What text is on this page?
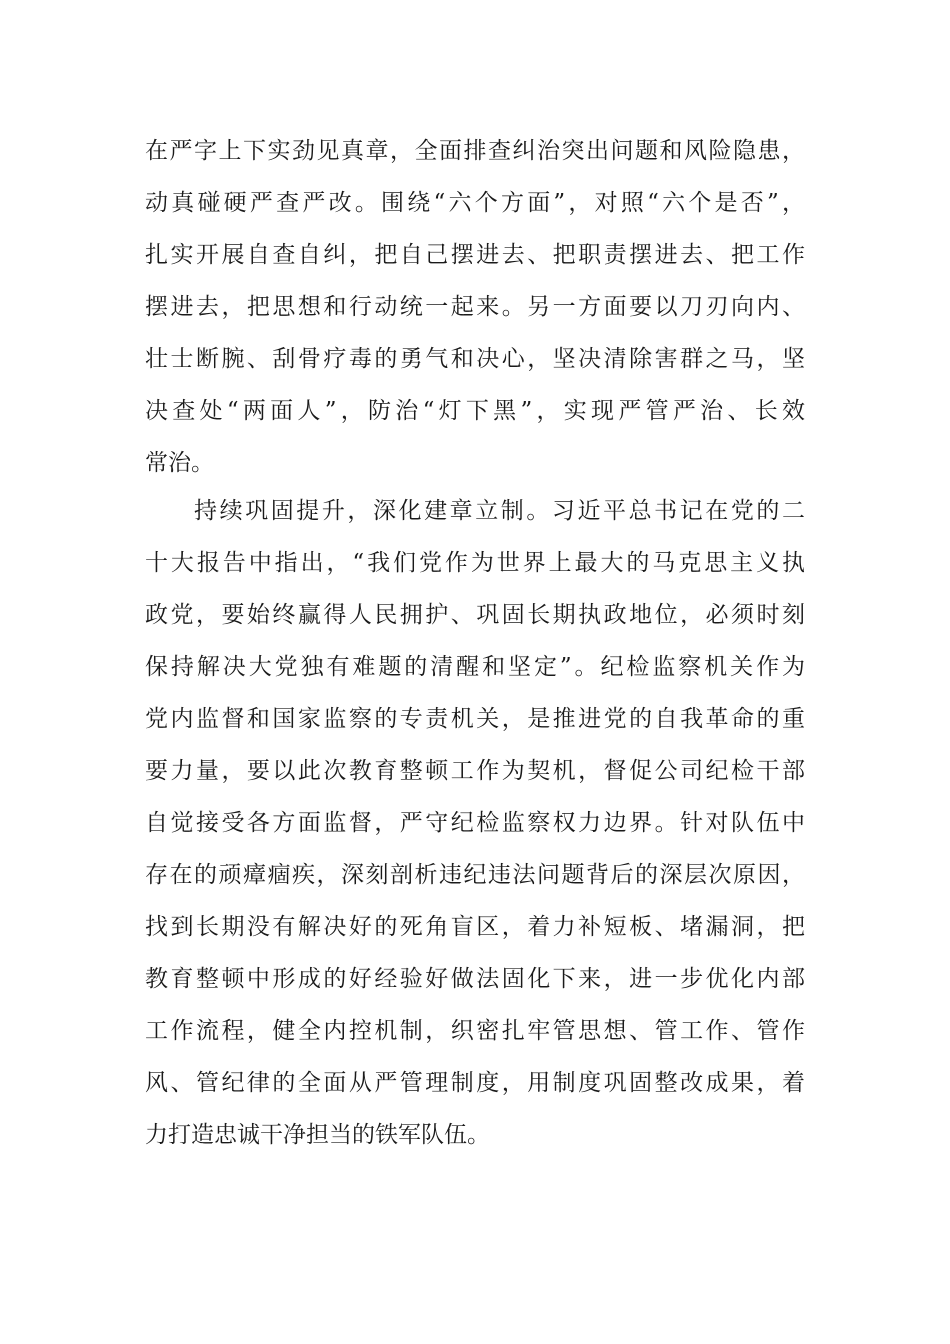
在严字上下实劲见真章，全面排查纠治突出问题和风险隐患，
动真碰硬严查严改。围绕“六个方面”，对照“六个是否”，
扎实开展自查自纠，把自己摆进去、把职责摆进去、把工作
摆进去，把思想和行动统一起来。另一方面要以刀刃向内、
壮士断腕、刮骨疗毒的勇气和决心，坚决清除害群之马，坚
决查处“两面人”，防治“灯下黑”，实现严管严治、长效
常治。
持续巩固提升，深化建章立制。习近平总书记在党的二
十大报告中指出，“我们党作为世界上最大的马克思主义执
政党，要始终赢得人民拥护、巩固长期执政地位，必须时刻
保持解决大党独有难题的清醒和坚定”。纪检监察机关作为
党内监督和国家监察的专责机关，是推进党的自我革命的重
要力量，要以此次教育整顿工作为契机，督促公司纪检干部
自觉接受各方面监督，严守纪检监察权力边界。针对队伍中
存在的顽瘴痼疾，深刻剖析违纪违法问题背后的深层次原因，
找到长期没有解决好的死角盲区，着力补短板、堵漏洞，把
教育整顿中形成的好经验好做法固化下来，进一步优化内部
工作流程，健全内控机制，织密扎牢管思想、管工作、管作
风、管纪律的全面从严管理制度，用制度巩固整改成果，着
力打造忠诚干净担当的铁军队伍。
